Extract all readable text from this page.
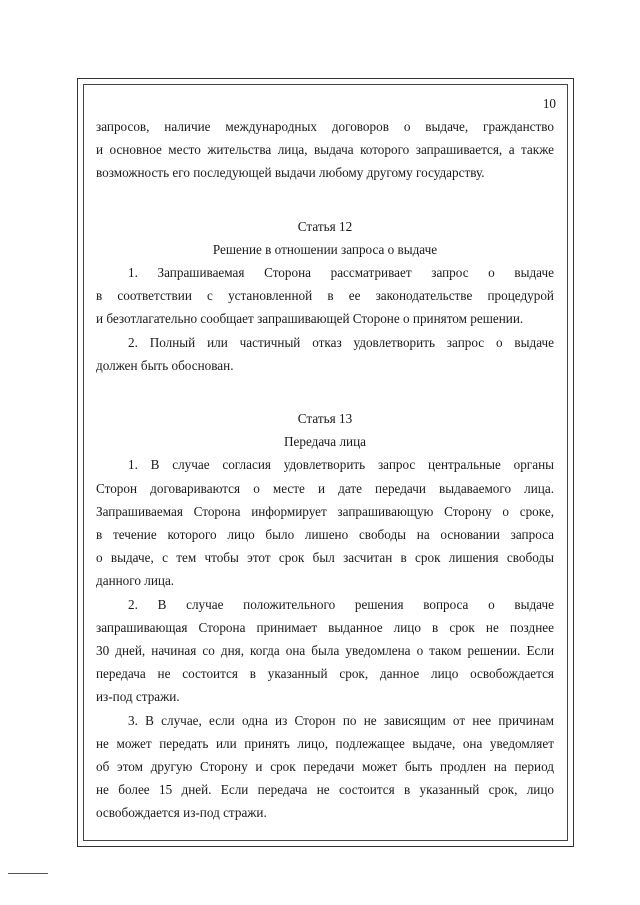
10

запросов, наличие международных договоров о выдаче, гражданство

и основное место жительства лица, выдача которого запрашивается, а также

возможность его последующей выдачи любому другому государству.

Статья 12
Решение в отношении запроса о выдаче

1. Запрашиваемая Сторона рассматривает запрос о выдаче

в соответствии с установленной в ее законодательстве процедурой

и безотлагательно сообщает запрашивающей Стороне о принятом решении.

2. Полный или частичный отказ удовлетворить запрос о выдаче

должен быть обоснован.

Статья 13
Передача лица

1. В случае согласия удовлетворить запрос центральные органы

Сторон договариваются о месте и дате передачи выдаваемого лица.

Запрашиваемая Сторона информирует запрашивающую Сторону о сроке,

в течение которого лицо было лишено свободы на основании запроса

о выдаче, с тем чтобы этот срок был засчитан в срок лишения свободы

данного лица.

2. В случае положительного решения вопроса о выдаче

запрашивающая Сторона принимает выданное лицо в срок не позднее

30 дней, начиная со дня, когда она была уведомлена о таком решении. Если

передача не состоится в указанный срок, данное лицо освобождается

из-под стражи.

3. В случае, если одна из Сторон по не зависящим от нее причинам

не может передать или принять лицо, подлежащее выдаче, она уведомляет

об этом другую Сторону и срок передачи может быть продлен на период

не более 15 дней. Если передача не состоится в указанный срок, лицо

освобождается из-под стражи.
